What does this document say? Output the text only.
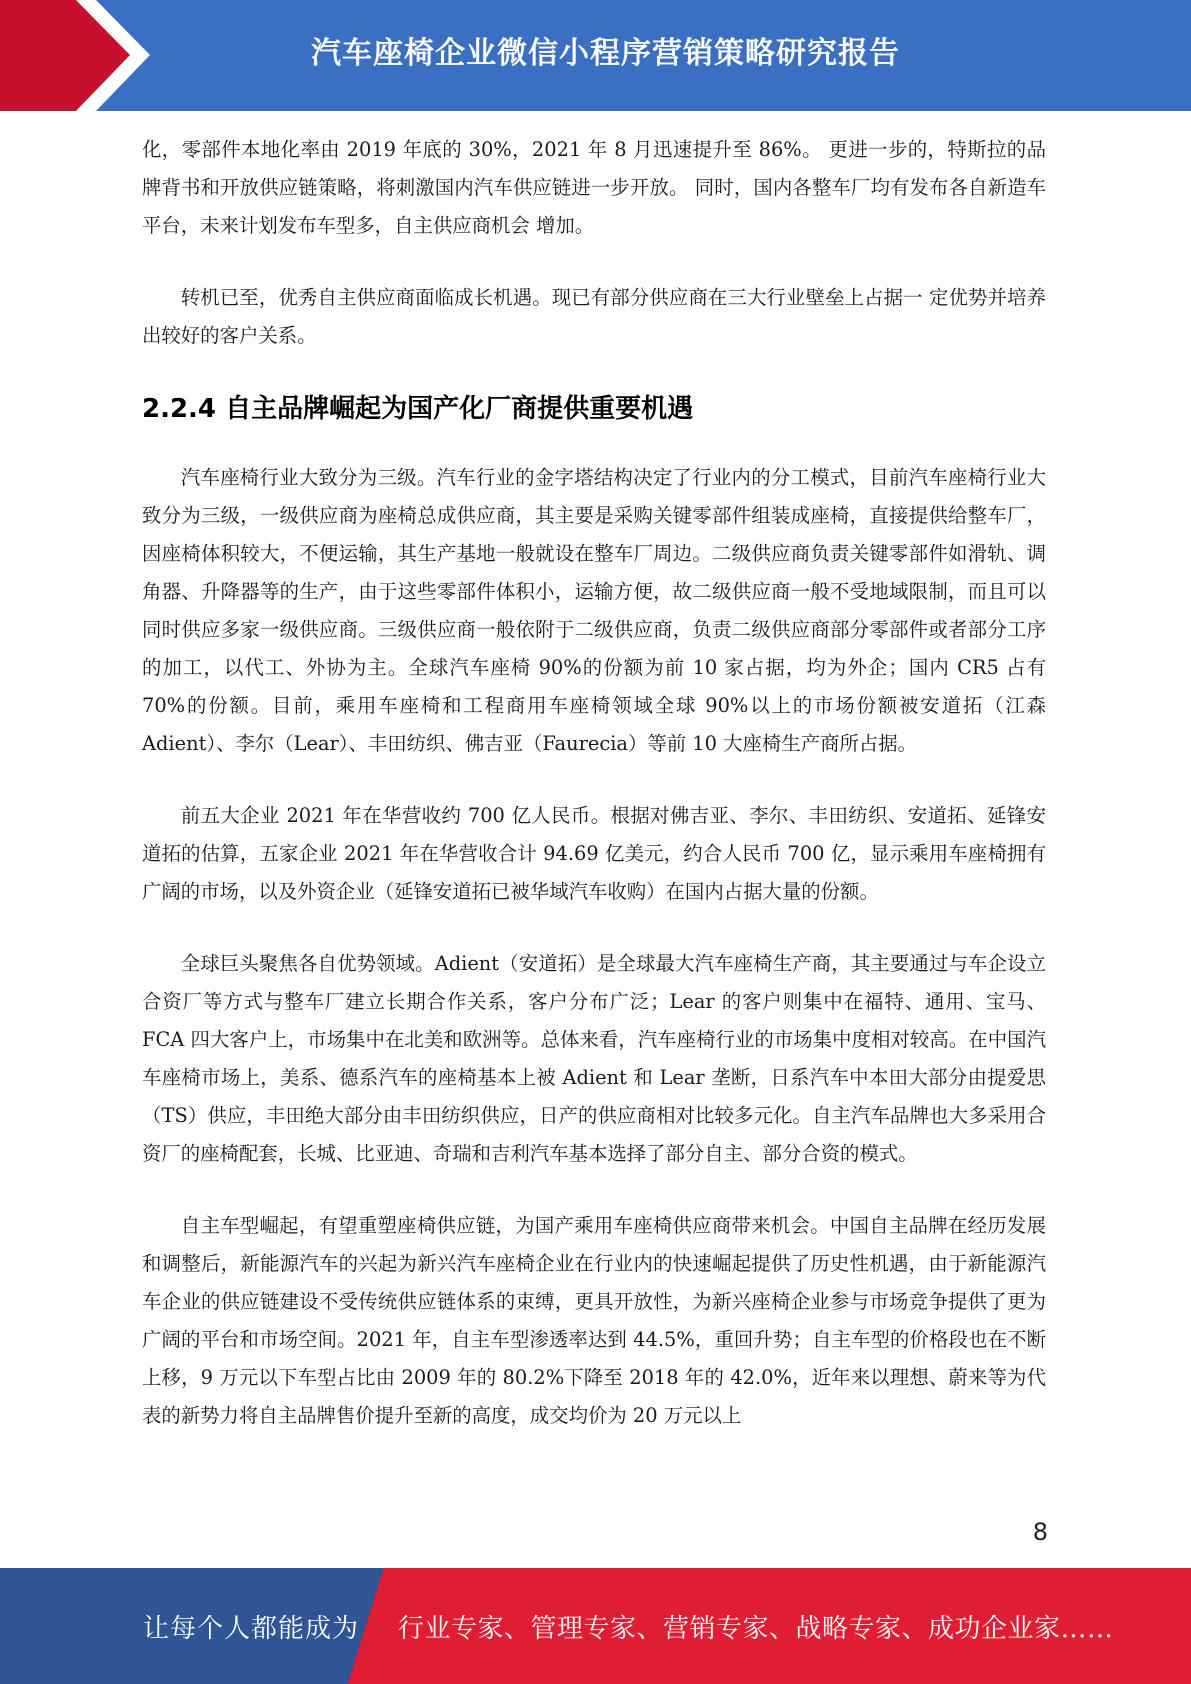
汽车座椅企业微信小程序营销策略研究报告

化，零部件本地化率由 2019 年底的 30%，2021 年 8 月迅速提升至 86%。 更进一步的，特斯拉的品牌背书和开放供应链策略，将刺激国内汽车供应链进一步开放。 同时，国内各整车厂均有发布各自新造车平台，未来计划发布车型多，自主供应商机会 增加。

转机已至，优秀自主供应商面临成长机遇。现已有部分供应商在三大行业壁垒上占据一 定优势并培养出较好的客户关系。

2.2.4 自主品牌崛起为国产化厂商提供重要机遇

汽车座椅行业大致分为三级。汽车行业的金字塔结构决定了行业内的分工模式，目前汽车座椅行业大致分为三级，一级供应商为座椅总成供应商，其主要是采购关键零部件组装成座椅，直接提供给整车厂，因座椅体积较大，不便运输，其生产基地一般就设在整车厂周边。二级供应商负责关键零部件如滑轨、调角器、升降器等的生产，由于这些零部件体积小，运输方便，故二级供应商一般不受地域限制，而且可以同时供应多家一级供应商。三级供应商一般依附于二级供应商，负责二级供应商部分零部件或者部分工序的加工，以代工、外协为主。全球汽车座椅 90%的份额为前 10 家占据，均为外企；国内 CR5 占有 70%的份额。目前，乘用车座椅和工程商用车座椅领域全球 90%以上的市场份额被安道拓（江森 Adient）、李尔（Lear）、丰田纺织、佛吉亚（Faurecia）等前 10 大座椅生产商所占据。

前五大企业 2021 年在华营收约 700 亿人民币。根据对佛吉亚、李尔、丰田纺织、安道拓、延锋安道拓的估算，五家企业 2021 年在华营收合计 94.69 亿美元，约合人民币 700 亿，显示乘用车座椅拥有广阔的市场，以及外资企业（延锋安道拓已被华域汽车收购）在国内占据大量的份额。

全球巨头聚焦各自优势领域。Adient（安道拓）是全球最大汽车座椅生产商，其主要通过与车企设立合资厂等方式与整车厂建立长期合作关系，客户分布广泛；Lear 的客户则集中在福特、通用、宝马、FCA 四大客户上，市场集中在北美和欧洲等。总体来看，汽车座椅行业的市场集中度相对较高。在中国汽车座椅市场上，美系、德系汽车的座椅基本上被 Adient 和 Lear 垄断，日系汽车中本田大部分由提爱思（TS）供应，丰田绝大部分由丰田纺织供应，日产的供应商相对比较多元化。自主汽车品牌也大多采用合资厂的座椅配套，长城、比亚迪、奇瑞和吉利汽车基本选择了部分自主、部分合资的模式。

自主车型崛起，有望重塑座椅供应链，为国产乘用车座椅供应商带来机会。中国自主品牌在经历发展和调整后，新能源汽车的兴起为新兴汽车座椅企业在行业内的快速崛起提供了历史性机遇，由于新能源汽车企业的供应链建设不受传统供应链体系的束缚，更具开放性，为新兴座椅企业参与市场竞争提供了更为广阔的平台和市场空间。2021 年，自主车型渗透率达到 44.5%，重回升势；自主车型的价格段也在不断上移，9 万元以下车型占比由 2009 年的 80.2%下降至 2018 年的 42.0%，近年来以理想、蔚来等为代表的新势力将自主品牌售价提升至新的高度，成交均价为 20 万元以上

8
让每个人都能成为 行业专家、管理专家、营销专家、战略专家、成功企业家……
